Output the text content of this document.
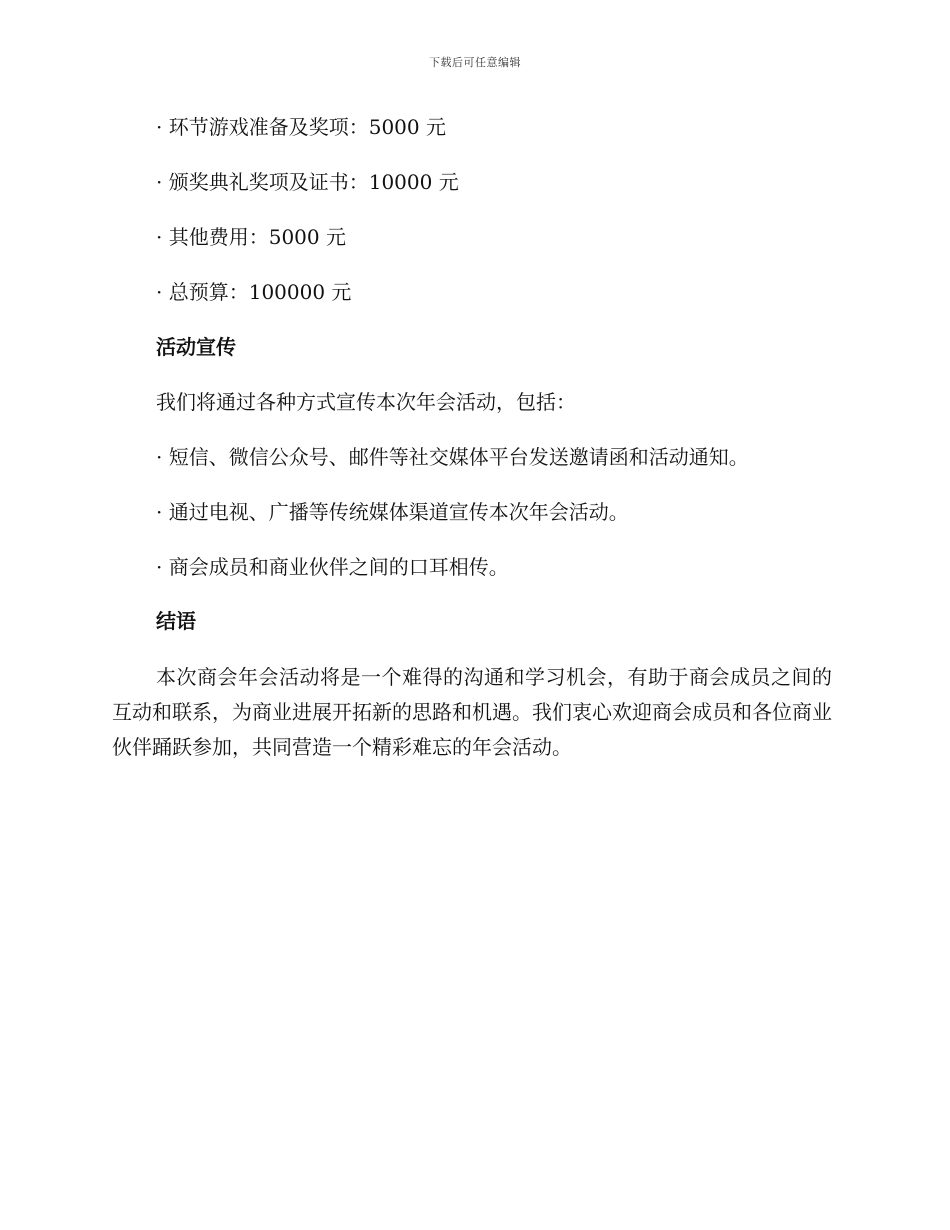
下载后可任意编辑
· 环节游戏准备及奖项：5000 元
· 颁奖典礼奖项及证书：10000 元
· 其他费用：5000 元
· 总预算：100000 元
活动宣传
我们将通过各种方式宣传本次年会活动，包括：
· 短信、微信公众号、邮件等社交媒体平台发送邀请函和活动通知。
· 通过电视、广播等传统媒体渠道宣传本次年会活动。
· 商会成员和商业伙伴之间的口耳相传。
结语
本次商会年会活动将是一个难得的沟通和学习机会，有助于商会成员之间的互动和联系，为商业进展开拓新的思路和机遇。我们衷心欢迎商会成员和各位商业伙伴踊跃参加，共同营造一个精彩难忘的年会活动。
